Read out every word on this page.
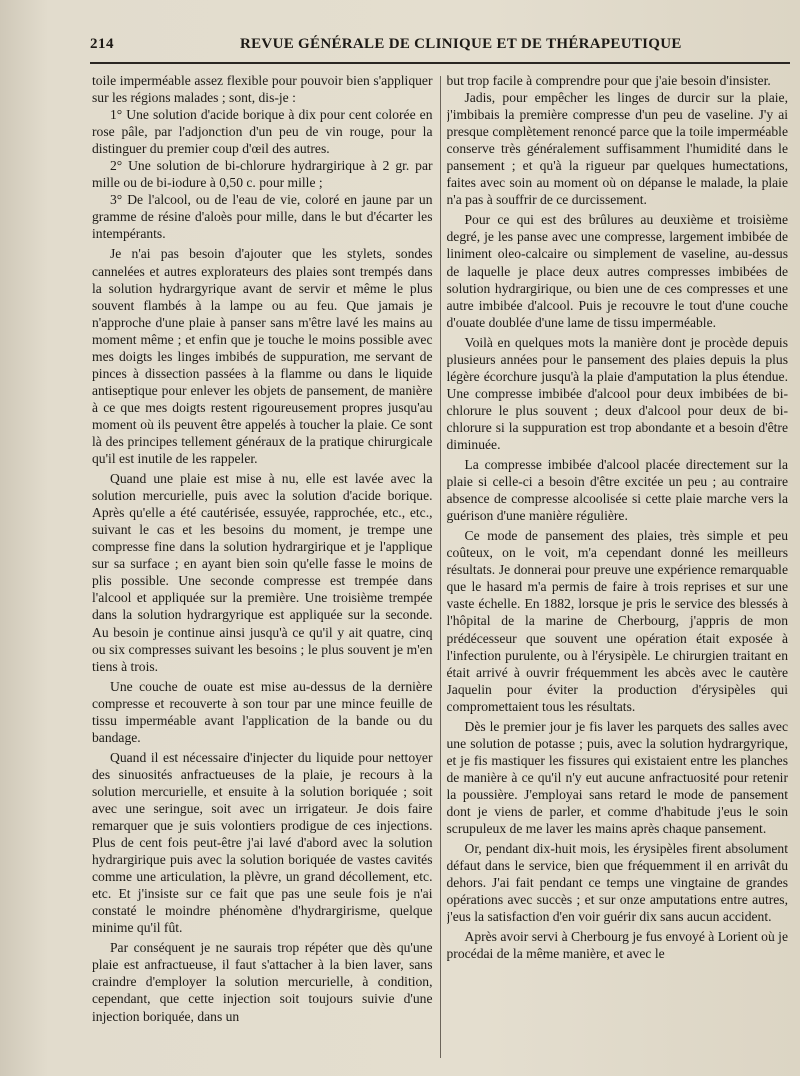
214	REVUE GÉNÉRALE DE CLINIQUE ET DE THÉRAPEUTIQUE

toile imperméable assez flexible pour pouvoir bien s'appliquer sur les régions malades ; sont, dis-je :

1° Une solution d'acide borique à dix pour cent colorée en rose pâle, par l'adjonction d'un peu de vin rouge, pour la distinguer du premier coup d'œil des autres.

2° Une solution de bi-chlorure hydrargirique à 2 gr. par mille ou de bi-iodure à 0,50 c. pour mille ;

3° De l'alcool, ou de l'eau de vie, coloré en jaune par un gramme de résine d'aloès pour mille, dans le but d'écarter les intempérants.

Je n'ai pas besoin d'ajouter que les stylets, sondes cannelées et autres explorateurs des plaies sont trempés dans la solution hydrargyrique avant de servir et même le plus souvent flambés à la lampe ou au feu. Que jamais je n'approche d'une plaie à panser sans m'être lavé les mains au moment même ; et enfin que je touche le moins possible avec mes doigts les linges imbibés de suppuration, me servant de pinces à dissection passées à la flamme ou dans le liquide antiseptique pour enlever les objets de pansement, de manière à ce que mes doigts restent rigoureusement propres jusqu'au moment où ils peuvent être appelés à toucher la plaie. Ce sont là des principes tellement généraux de la pratique chirurgicale qu'il est inutile de les rappeler.

Quand une plaie est mise à nu, elle est lavée avec la solution mercurielle, puis avec la solution d'acide borique. Après qu'elle a été cautérisée, essuyée, rapprochée, etc., etc., suivant le cas et les besoins du moment, je trempe une compresse fine dans la solution hydrargirique et je l'applique sur sa surface ; en ayant bien soin qu'elle fasse le moins de plis possible. Une seconde compresse est trempée dans l'alcool et appliquée sur la première. Une troisième trempée dans la solution hydrargyrique est appliquée sur la seconde. Au besoin je continue ainsi jusqu'à ce qu'il y ait quatre, cinq ou six compresses suivant les besoins ; le plus souvent je m'en tiens à trois.

Une couche de ouate est mise au-dessus de la dernière compresse et recouverte à son tour par une mince feuille de tissu imperméable avant l'application de la bande ou du bandage.

Quand il est nécessaire d'injecter du liquide pour nettoyer des sinuosités anfractueuses de la plaie, je recours à la solution mercurielle, et ensuite à la solution boriquée ; soit avec une seringue, soit avec un irrigateur. Je dois faire remarquer que je suis volontiers prodigue de ces injections. Plus de cent fois peut-être j'ai lavé d'abord avec la solution hydrargirique puis avec la solution boriquée de vastes cavités comme une articulation, la plèvre, un grand décollement, etc. etc. Et j'insiste sur ce fait que pas une seule fois je n'ai constaté le moindre phénomène d'hydrargirisme, quelque minime qu'il fût.

Par conséquent je ne saurais trop répéter que dès qu'une plaie est anfractueuse, il faut s'attacher à la bien laver, sans craindre d'employer la solution mercurielle, à condition, cependant, que cette injection soit toujours suivie d'une injection boriquée, dans un

but trop facile à comprendre pour que j'aie besoin d'insister.

Jadis, pour empêcher les linges de durcir sur la plaie, j'imbibais la première compresse d'un peu de vaseline. J'y ai presque complètement renoncé parce que la toile imperméable conserve très généralement suffisamment l'humidité dans le pansement ; et qu'à la rigueur par quelques humectations, faites avec soin au moment où on dépanse le malade, la plaie n'a pas à souffrir de ce durcissement.

Pour ce qui est des brûlures au deuxième et troisième degré, je les panse avec une compresse, largement imbibée de liniment oleo-calcaire ou simplement de vaseline, au-dessus de laquelle je place deux autres compresses imbibées de solution hydrargirique, ou bien une de ces compresses et une autre imbibée d'alcool. Puis je recouvre le tout d'une couche d'ouate doublée d'une lame de tissu imperméable.

Voilà en quelques mots la manière dont je procède depuis plusieurs années pour le pansement des plaies depuis la plus légère écorchure jusqu'à la plaie d'amputation la plus étendue. Une compresse imbibée d'alcool pour deux imbibées de bi-chlorure le plus souvent ; deux d'alcool pour deux de bi-chlorure si la suppuration est trop abondante et a besoin d'être diminuée.

La compresse imbibée d'alcool placée directement sur la plaie si celle-ci a besoin d'être excitée un peu ; au contraire absence de compresse alcoolisée si cette plaie marche vers la guérison d'une manière régulière.

Ce mode de pansement des plaies, très simple et peu coûteux, on le voit, m'a cependant donné les meilleurs résultats. Je donnerai pour preuve une expérience remarquable que le hasard m'a permis de faire à trois reprises et sur une vaste échelle. En 1882, lorsque je pris le service des blessés à l'hôpital de la marine de Cherbourg, j'appris de mon prédécesseur que souvent une opération était exposée à l'infection purulente, ou à l'érysipèle. Le chirurgien traitant en était arrivé à ouvrir fréquemment les abcès avec le cautère Jaquelin pour éviter la production d'érysipèles qui compromettaient tous les résultats.

Dès le premier jour je fis laver les parquets des salles avec une solution de potasse ; puis, avec la solution hydrargyrique, et je fis mastiquer les fissures qui existaient entre les planches de manière à ce qu'il n'y eut aucune anfractuosité pour retenir la poussière. J'employai sans retard le mode de pansement dont je viens de parler, et comme d'habitude j'eus le soin scrupuleux de me laver les mains après chaque pansement.

Or, pendant dix-huit mois, les érysipèles firent absolument défaut dans le service, bien que fréquemment il en arrivât du dehors. J'ai fait pendant ce temps une vingtaine de grandes opérations avec succès ; et sur onze amputations entre autres, j'eus la satisfaction d'en voir guérir dix sans aucun accident.

Après avoir servi à Cherbourg je fus envoyé à Lorient où je procédai de la même manière, et avec le
